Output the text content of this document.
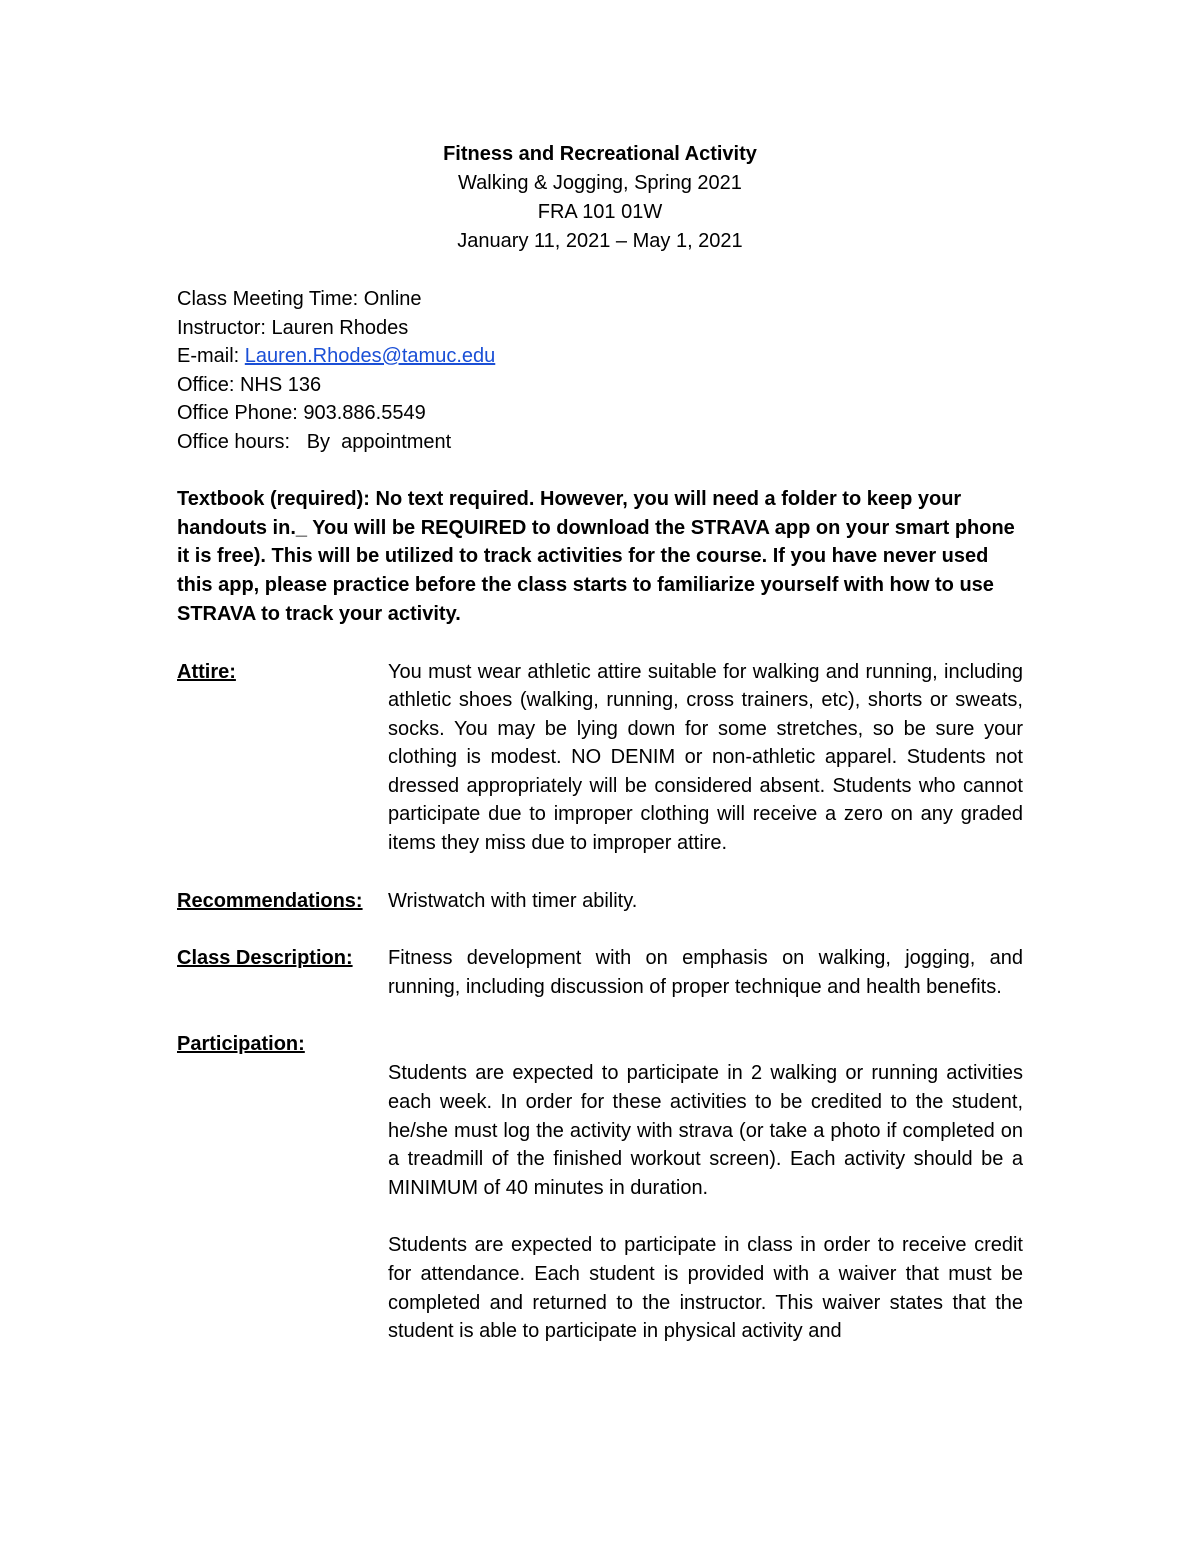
Fitness and Recreational Activity
Walking & Jogging, Spring 2021
FRA 101 01W
January 11, 2021 – May 1, 2021
Class Meeting Time: Online
Instructor: Lauren Rhodes
E-mail: Lauren.Rhodes@tamuc.edu
Office: NHS 136
Office Phone: 903.886.5549
Office hours:   By  appointment
Textbook (required): No text required. However, you will need a folder to keep your handouts in._ You will be REQUIRED to download the STRAVA app on your smart phone it is free). This will be utilized to track activities for the course. If you have never used this app, please practice before the class starts to familiarize yourself with how to use STRAVA to track your activity.
Attire:	You must wear athletic attire suitable for walking and running, including athletic shoes (walking, running, cross trainers, etc), shorts or sweats, socks. You may be lying down for some stretches, so be sure your clothing is modest. NO DENIM or non-athletic apparel. Students not dressed appropriately will be considered absent. Students who cannot participate due to improper clothing will receive a zero on any graded items they miss due to improper attire.

Recommendations:	Wristwatch with timer ability.

Class Description:	Fitness development with on emphasis on walking, jogging, and running, including discussion of proper technique and health benefits.

Participation:

Students are expected to participate in 2 walking or running activities each week. In order for these activities to be credited to the student, he/she must log the activity with strava (or take a photo if completed on a treadmill of the finished workout screen). Each activity should be a MINIMUM of 40 minutes in duration.

Students are expected to participate in class in order to receive credit for attendance. Each student is provided with a waiver that must be completed and returned to the instructor. This waiver states that the student is able to participate in physical activity and
